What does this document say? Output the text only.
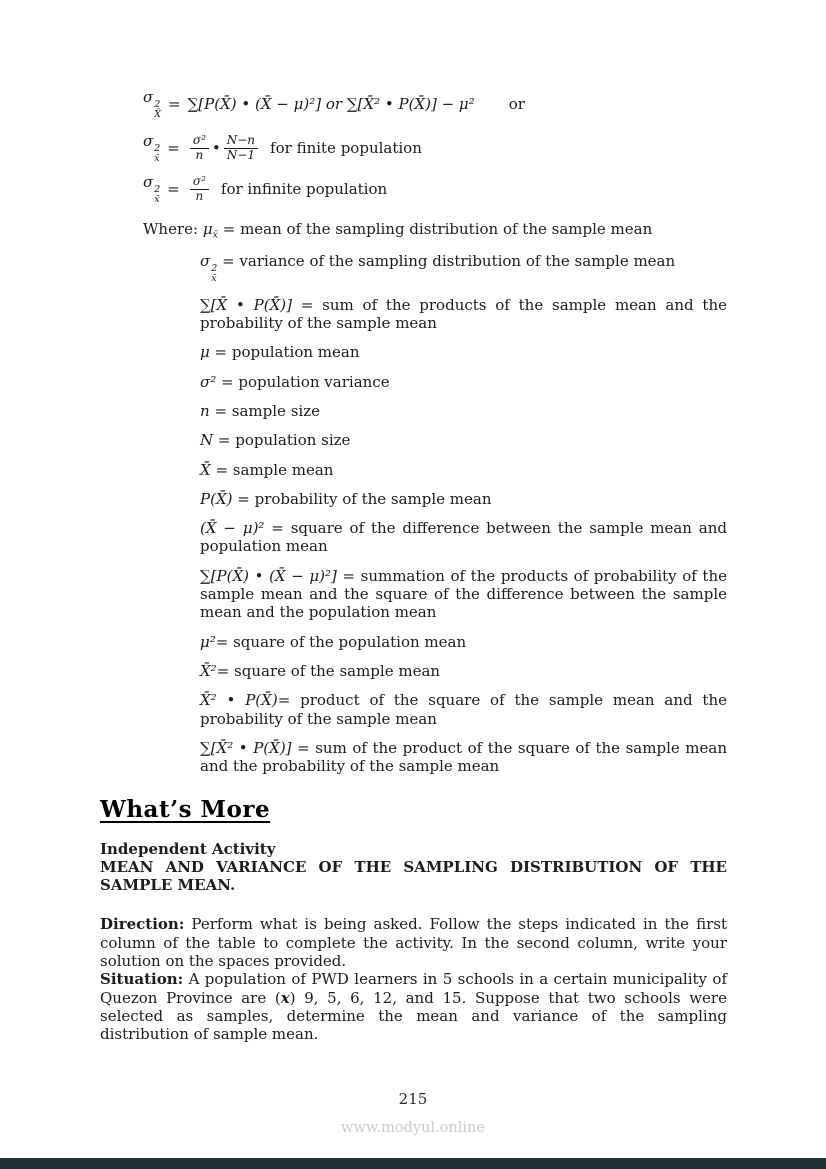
σ 2
X̄
= ∑[P(X̄) • (X̄ − μ)²] or ∑[X̄² • P(X̄)] − μ² or
σ 2
x̄
= $\frac{\text{σ²}}{n}$ • $\frac{N-n}{N-1}$ for finite population
σ 2
x̄
= $\frac{\text{σ²}}{n}$ for infinite population

Where: $\mu_{x̄}$ = mean of the sampling distribution of the sample mean

σ 2
x̄
= variance of the sampling distribution of the sample mean

∑[X̄ • P(X̄)] = sum of the products of the sample mean and the probability of the sample mean

μ = population mean

σ² = population variance

n = sample size

N = population size

X̄ = sample mean

P(X̄) = probability of the sample mean

(X̄ − μ)² = square of the difference between the sample mean and population mean

∑[P(X̄) • (X̄ − μ)²] = summation of the products of probability of the sample mean and the square of the difference between the sample mean and the population mean

μ²= square of the population mean

X̄²= square of the sample mean

X̄² • P(X̄)= product of the square of the sample mean and the probability of the sample mean

∑[X̄² • P(X̄)] = sum of the product of the square of the sample mean and the probability of the sample mean

What’s More

Independent Activity

MEAN AND VARIANCE OF THE SAMPLING DISTRIBUTION OF THE SAMPLE MEAN.

Direction: Perform what is being asked. Follow the steps indicated in the first column of the table to complete the activity. In the second column, write your solution on the spaces provided.

Situation: A population of PWD learners in 5 schools in a certain municipality of Quezon Province are (x) 9, 5, 6, 12, and 15. Suppose that two schools were selected as samples, determine the mean and variance of the sampling distribution of sample mean.

215
www.modyul.online
